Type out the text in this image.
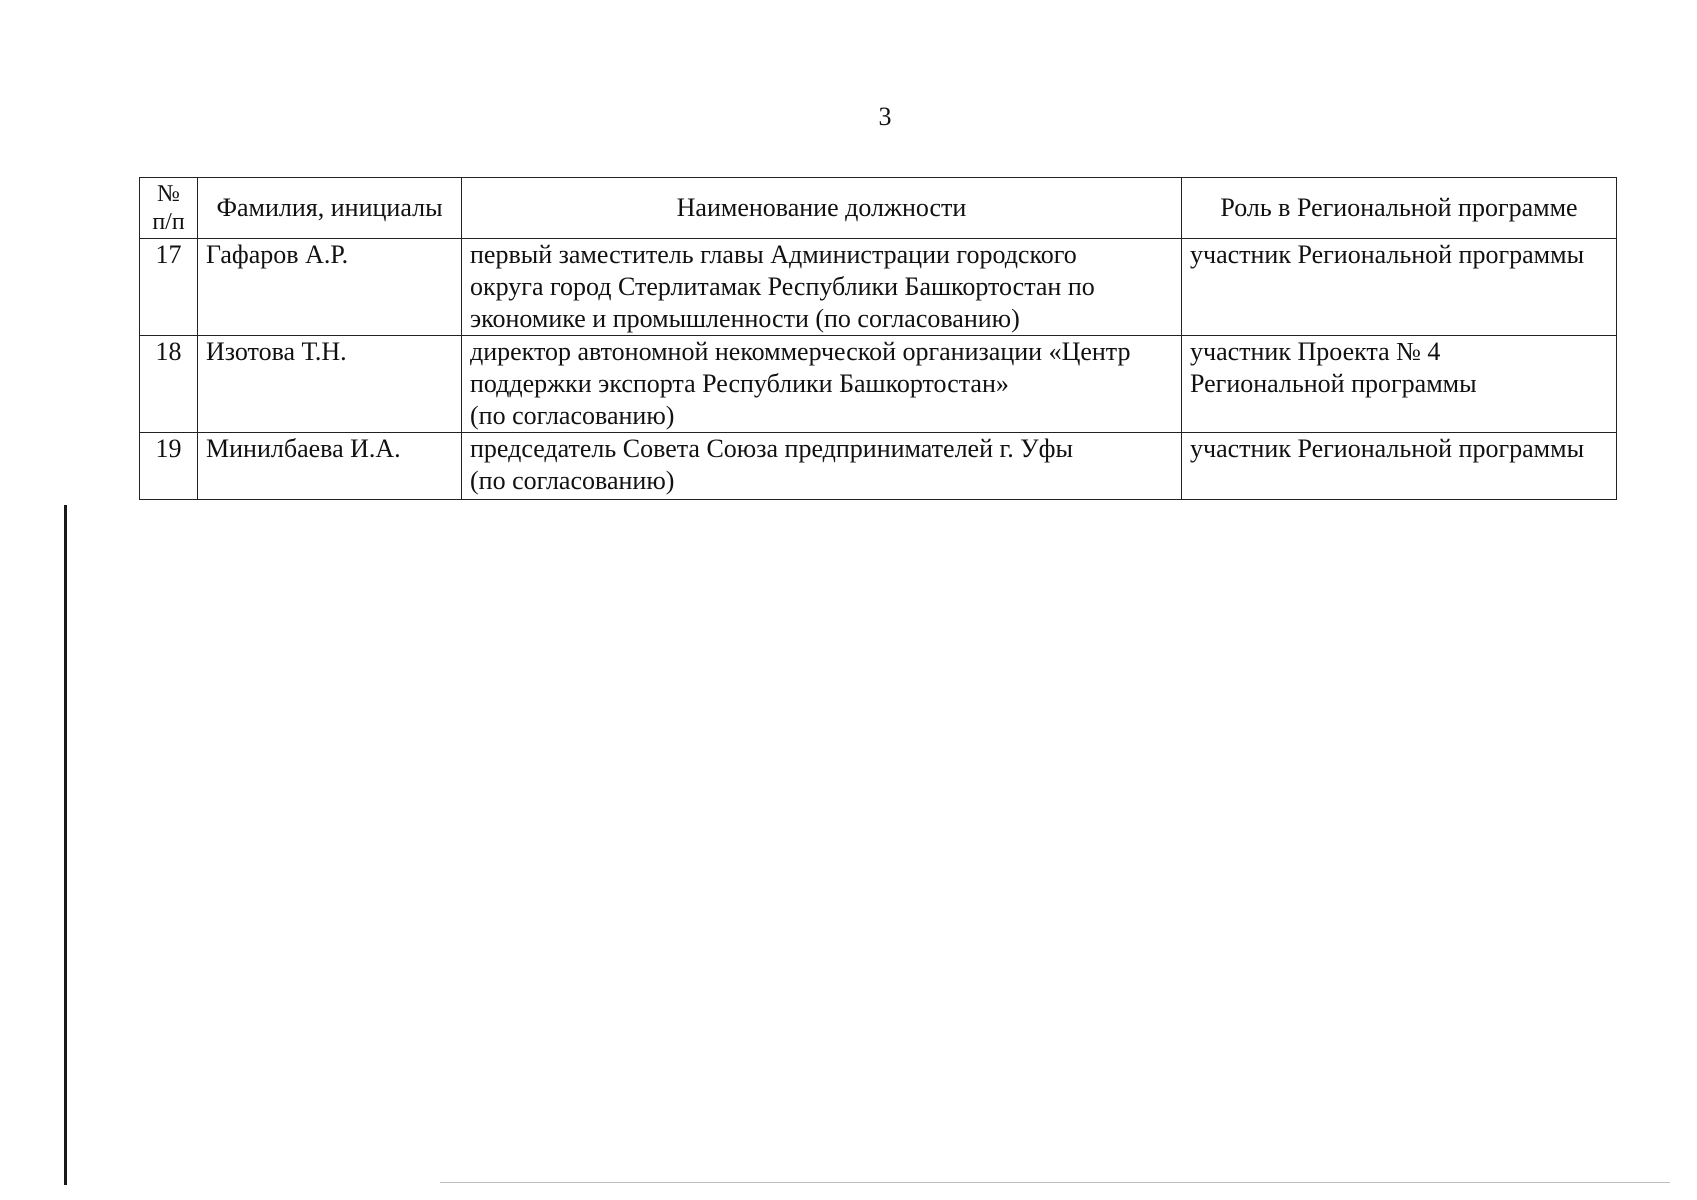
3
№
п/п	Фамилия, инициалы	Наименование должности	Роль в Региональной программе
17	Гафаров А.Р.	первый заместитель главы Администрации городского
округа город Стерлитамак Республики Башкортостан по
экономике и промышленности (по согласованию)	участник Региональной программы

18	Изотова Т.Н.	директор автономной некоммерческой организации «Центр
поддержки экспорта Республики Башкортостан»
(по согласованию)	участник Проекта № 4
Региональной программы

19	Минилбаева И.А.	председатель Совета Союза предпринимателей г. Уфы
(по согласованию)	участник Региональной программы
